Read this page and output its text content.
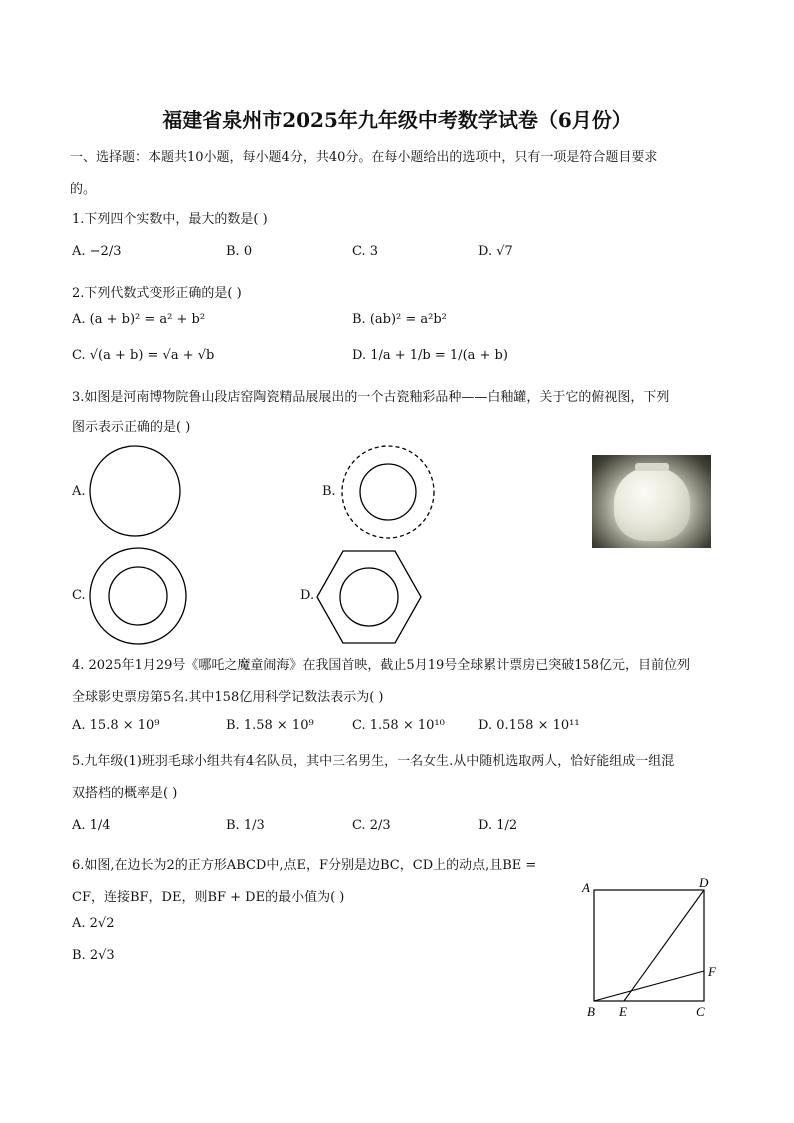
福建省泉州市2025年九年级中考数学试卷（6月份）
一、选择题：本题共10小题，每小题4分，共40分。在每小题给出的选项中，只有一项是符合题目要求
的。
1.下列四个实数中，最大的数是( )
A. −2/3	B. 0	C. 3	D. √7
2.下列代数式变形正确的是( )
A. (a + b)² = a² + b²	B. (ab)² = a²b²
C. √(a + b) = √a + √b	D. 1/a + 1/b = 1/(a + b)
3.如图是河南博物院鲁山段店窑陶瓷精品展展出的一个古瓷釉彩品种——白釉罐，关于它的俯视图，下列
图示表示正确的是( )
A.	B.
C.	D.
4. 2025年1月29号《哪吒之魔童闹海》在我国首映，截止5月19号全球累计票房已突破158亿元，目前位列
全球影史票房第5名.其中158亿用科学记数法表示为( )
A. 15.8 × 10⁹	B. 1.58 × 10⁹	C. 1.58 × 10¹⁰	D. 0.158 × 10¹¹
5.九年级(1)班羽毛球小组共有4名队员，其中三名男生，一名女生.从中随机选取两人，恰好能组成一组混
双搭档的概率是( )
A. 1/4	B. 1/3	C. 2/3	D. 1/2
6.如图,在边长为2的正方形ABCD中,点E，F分别是边BC，CD上的动点,且BE =
CF，连接BF，DE，则BF + DE的最小值为( )
A. 2√2
B. 2√3
A	D
F
B E	C
